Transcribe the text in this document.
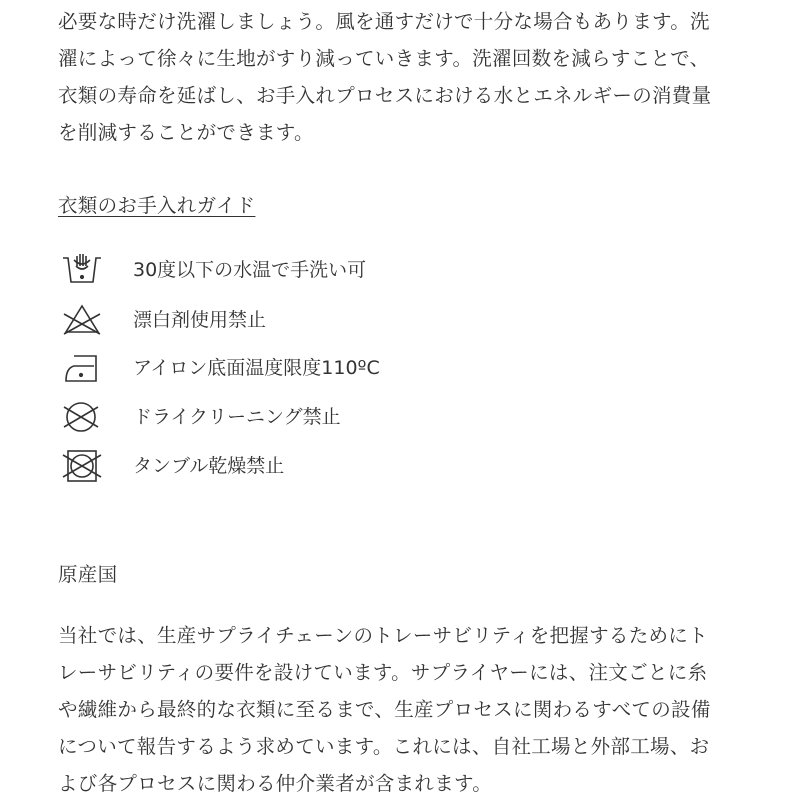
必要な時だけ洗濯しましょう。風を通すだけで十分な場合もあります。洗
濯によって徐々に生地がすり減っていきます。洗濯回数を減らすことで、
衣類の寿命を延ばし、お手入れプロセスにおける水とエネルギーの消費量
を削減することができます。
衣類のお手入れガイド
30度以下の水温で手洗い可
漂白剤使用禁止
アイロン底面温度限度110ºC
ドライクリーニング禁止
タンブル乾燥禁止
原産国
当社では、生産サプライチェーンのトレーサビリティを把握するためにト
レーサビリティの要件を設けています。サプライヤーには、注文ごとに糸
や繊維から最終的な衣類に至るまで、生産プロセスに関わるすべての設備
について報告するよう求めています。これには、自社工場と外部工場、お
よび各プロセスに関わる仲介業者が含まれます。
